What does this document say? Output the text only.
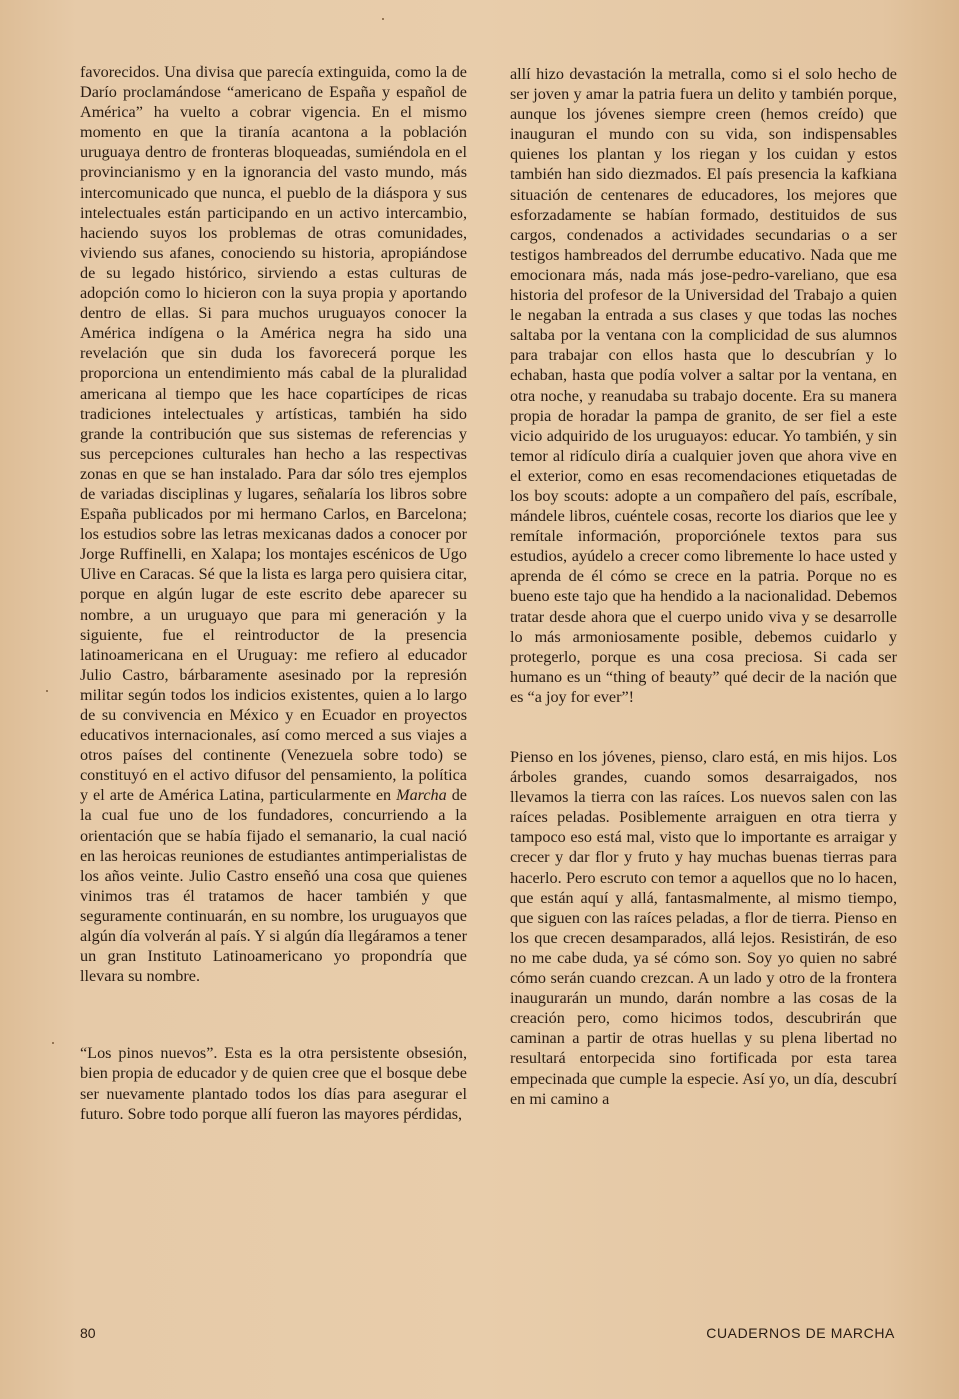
favorecidos. Una divisa que parecía extinguida, como la de Darío proclamándose “americano de España y español de América” ha vuelto a cobrar vigencia. En el mismo momento en que la tiranía acantona a la población uruguaya dentro de fronteras bloqueadas, sumiéndola en el provincianismo y en la ignorancia del vasto mundo, más intercomunicado que nunca, el pueblo de la diáspora y sus intelectuales están participando en un activo intercambio, haciendo suyos los problemas de otras comunidades, viviendo sus afanes, conociendo su historia, apropiándose de su legado histórico, sirviendo a estas culturas de adopción como lo hicieron con la suya propia y aportando dentro de ellas. Si para muchos uruguayos conocer la América indígena o la América negra ha sido una revelación que sin duda los favorecerá porque les proporciona un entendimiento más cabal de la pluralidad americana al tiempo que les hace copartícipes de ricas tradiciones intelectuales y artísticas, también ha sido grande la contribución que sus sistemas de referencias y sus percepciones culturales han hecho a las respectivas zonas en que se han instalado. Para dar sólo tres ejemplos de variadas disciplinas y lugares, señalaría los libros sobre España publicados por mi hermano Carlos, en Barcelona; los estudios sobre las letras mexicanas dados a conocer por Jorge Ruffinelli, en Xalapa; los montajes escénicos de Ugo Ulive en Caracas. Sé que la lista es larga pero quisiera citar, porque en algún lugar de este escrito debe aparecer su nombre, a un uruguayo que para mi generación y la siguiente, fue el reintroductor de la presencia latinoamericana en el Uruguay: me refiero al educador Julio Castro, bárbaramente asesinado por la represión militar según todos los indicios existentes, quien a lo largo de su convivencia en México y en Ecuador en proyectos educativos internacionales, así como merced a sus viajes a otros países del continente (Venezuela sobre todo) se constituyó en el activo difusor del pensamiento, la política y el arte de América Latina, particularmente en Marcha de la cual fue uno de los fundadores, concurriendo a la orientación que se había fijado el semanario, la cual nació en las heroicas reuniones de estudiantes antimperialistas de los años veinte. Julio Castro enseñó una cosa que quienes vinimos tras él tratamos de hacer también y que seguramente continuarán, en su nombre, los uruguayos que algún día volverán al país. Y si algún día llegáramos a tener un gran Instituto Latinoamericano yo propondría que llevara su nombre.

“Los pinos nuevos”. Esta es la otra persistente obsesión, bien propia de educador y de quien cree que el bosque debe ser nuevamente plantado todos los días para asegurar el futuro. Sobre todo porque allí fueron las mayores pérdidas,

allí hizo devastación la metralla, como si el solo hecho de ser joven y amar la patria fuera un delito y también porque, aunque los jóvenes siempre creen (hemos creído) que inauguran el mundo con su vida, son indispensables quienes los plantan y los riegan y los cuidan y estos también han sido diezmados. El país presencia la kafkiana situación de centenares de educadores, los mejores que esforzadamente se habían formado, destituidos de sus cargos, condenados a actividades secundarias o a ser testigos hambreados del derrumbe educativo. Nada que me emocionara más, nada más jose-pedro-vareliano, que esa historia del profesor de la Universidad del Trabajo a quien le negaban la entrada a sus clases y que todas las noches saltaba por la ventana con la complicidad de sus alumnos para trabajar con ellos hasta que lo descubrían y lo echaban, hasta que podía volver a saltar por la ventana, en otra noche, y reanudaba su trabajo docente. Era su manera propia de horadar la pampa de granito, de ser fiel a este vicio adquirido de los uruguayos: educar. Yo también, y sin temor al ridículo diría a cualquier joven que ahora vive en el exterior, como en esas recomendaciones etiquetadas de los boy scouts: adopte a un compañero del país, escríbale, mándele libros, cuéntele cosas, recorte los diarios que lee y remítale información, proporciónele textos para sus estudios, ayúdelo a crecer como libremente lo hace usted y aprenda de él cómo se crece en la patria. Porque no es bueno este tajo que ha hendido a la nacionalidad. Debemos tratar desde ahora que el cuerpo unido viva y se desarrolle lo más armoniosamente posible, debemos cuidarlo y protegerlo, porque es una cosa preciosa. Si cada ser humano es un “thing of beauty” qué decir de la nación que es “a joy for ever”!

Pienso en los jóvenes, pienso, claro está, en mis hijos. Los árboles grandes, cuando somos desarraigados, nos llevamos la tierra con las raíces. Los nuevos salen con las raíces peladas. Posiblemente arraiguen en otra tierra y tampoco eso está mal, visto que lo importante es arraigar y crecer y dar flor y fruto y hay muchas buenas tierras para hacerlo. Pero escruto con temor a aquellos que no lo hacen, que están aquí y allá, fantasmalmente, al mismo tiempo, que siguen con las raíces peladas, a flor de tierra. Pienso en los que crecen desamparados, allá lejos. Resistirán, de eso no me cabe duda, ya sé cómo son. Soy yo quien no sabré cómo serán cuando crezcan. A un lado y otro de la frontera inaugurarán un mundo, darán nombre a las cosas de la creación pero, como hicimos todos, descubrirán que caminan a partir de otras huellas y su plena libertad no resultará entorpecida sino fortificada por esta tarea empecinada que cumple la especie. Así yo, un día, descubrí en mi camino a

80	CUADERNOS DE MARCHA
